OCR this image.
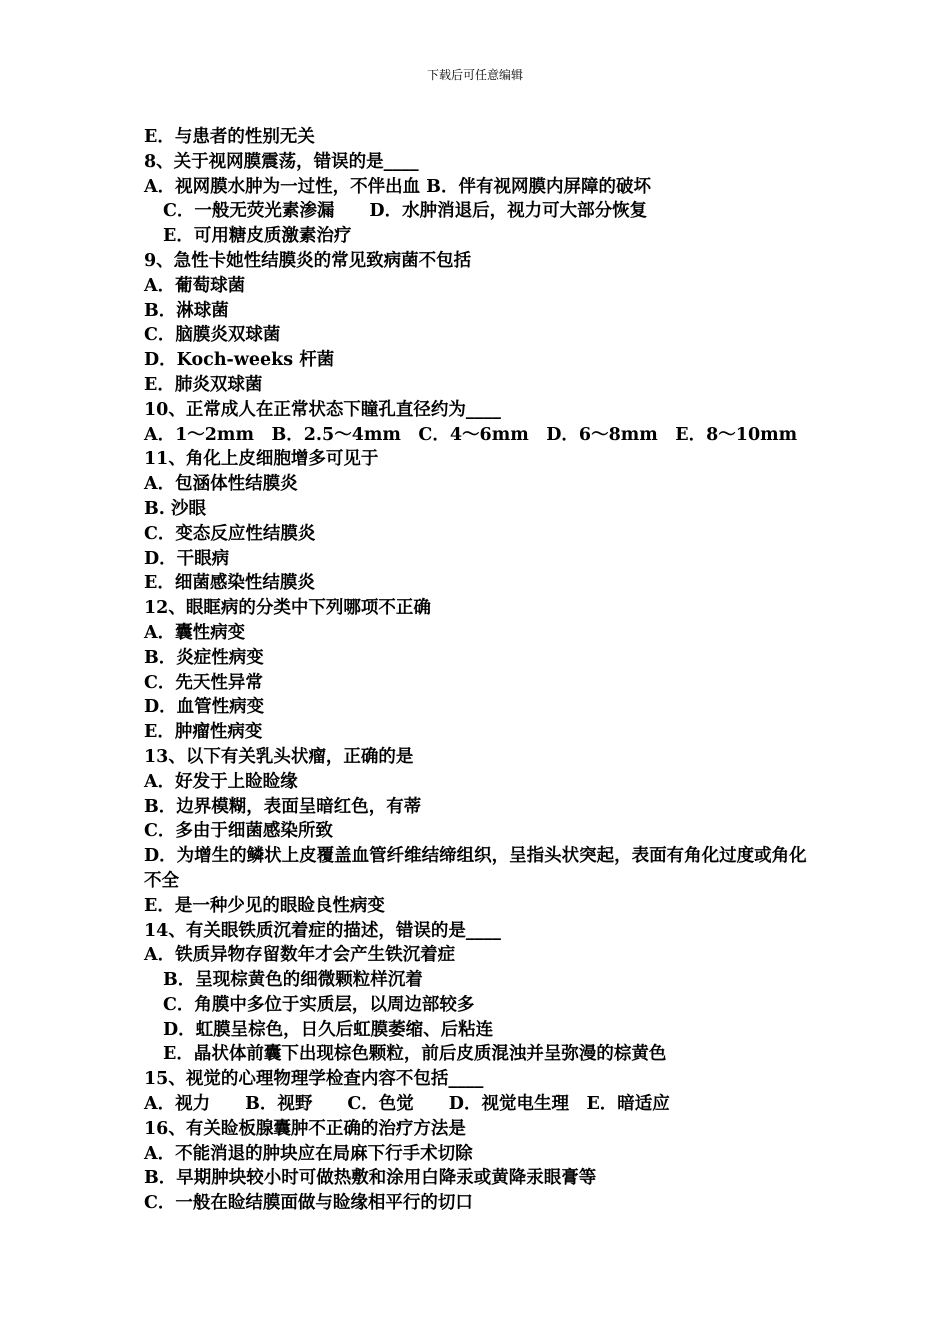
下载后可任意编辑
E．与患者的性别无关
8、关于视网膜震荡，错误的是____
A．视网膜水肿为一过性，不伴出血 B．伴有视网膜内屏障的破坏
C．一般无荧光素渗漏　　D．水肿消退后，视力可大部分恢复
E．可用糖皮质激素治疗
9、急性卡她性结膜炎的常见致病菌不包括
A．葡萄球菌
B．淋球菌
C．脑膜炎双球菌
D．Koch-weeks 杆菌
E．肺炎双球菌
10、正常成人在正常状态下瞳孔直径约为____
A．1～2mm　B．2.5～4mm　C．4～6mm　D．6～8mm　E．8～10mm
11、角化上皮细胞增多可见于
A．包涵体性结膜炎
B. 沙眼
C．变态反应性结膜炎
D．干眼病
E．细菌感染性结膜炎
12、眼眶病的分类中下列哪项不正确
A．囊性病变
B．炎症性病变
C．先天性异常
D．血管性病变
E．肿瘤性病变
13、以下有关乳头状瘤，正确的是
A．好发于上睑睑缘
B．边界模糊，表面呈暗红色，有蒂
C．多由于细菌感染所致
D．为增生的鳞状上皮覆盖血管纤维结缔组织，呈指头状突起，表面有角化过度或角化不全
E．是一种少见的眼睑良性病变
14、有关眼铁质沉着症的描述，错误的是____
A．铁质异物存留数年才会产生铁沉着症
B．呈现棕黄色的细微颗粒样沉着
C．角膜中多位于实质层，以周边部较多
D．虹膜呈棕色，日久后虹膜萎缩、后粘连
E．晶状体前囊下出现棕色颗粒，前后皮质混浊并呈弥漫的棕黄色
15、视觉的心理物理学检查内容不包括____
A．视力　　B．视野　　C．色觉　　D．视觉电生理　E．暗适应
16、有关睑板腺囊肿不正确的治疗方法是
A．不能消退的肿块应在局麻下行手术切除
B．早期肿块较小时可做热敷和涂用白降汞或黄降汞眼膏等
C．一般在睑结膜面做与睑缘相平行的切口
